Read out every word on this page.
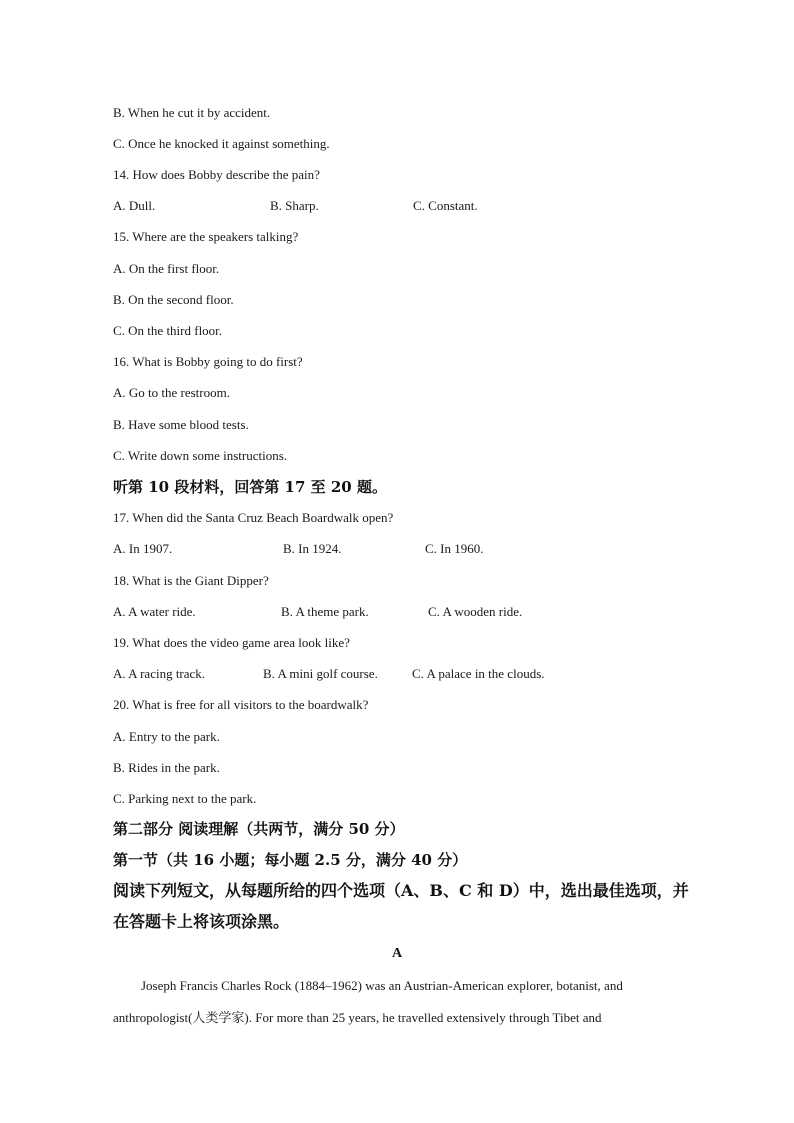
B. When he cut it by accident.
C. Once he knocked it against something.
14. How does Bobby describe the pain?
A. Dull.	B. Sharp.	C. Constant.
15. Where are the speakers talking?
A. On the first floor.
B. On the second floor.
C. On the third floor.
16. What is Bobby going to do first?
A. Go to the restroom.
B. Have some blood tests.
C. Write down some instructions.
听第 10 段材料，回答第 17 至 20 题。
17. When did the Santa Cruz Beach Boardwalk open?
A. In 1907.	B. In 1924.	C. In 1960.
18. What is the Giant Dipper?
A. A water ride.	B. A theme park.	C. A wooden ride.
19. What does the video game area look like?
A. A racing track.	B. A mini golf course.	C. A palace in the clouds.
20. What is free for all visitors to the boardwalk?
A. Entry to the park.
B. Rides in the park.
C. Parking next to the park.
第二部分 阅读理解（共两节，满分 50 分）
第一节（共 16 小题；每小题 2.5 分，满分 40 分）
阅读下列短文，从每题所给的四个选项（A、B、C 和 D）中，选出最佳选项，并
在答题卡上将该项涂黑。
A
Joseph Francis Charles Rock (1884–1962) was an Austrian-American explorer, botanist, and
anthropologist(人类学家). For more than 25 years, he travelled extensively through Tibet and
